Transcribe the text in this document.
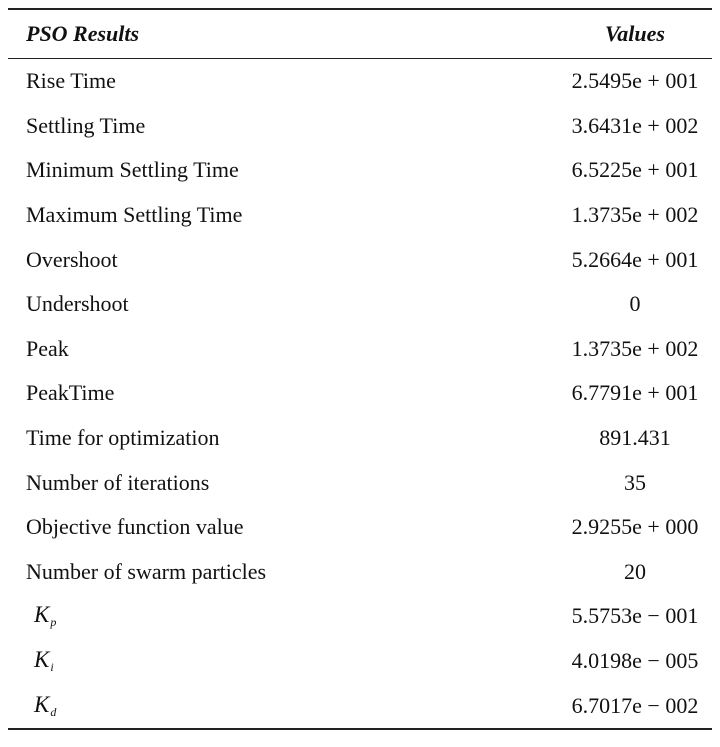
PSO Results	Values
Rise Time	2.5495e + 001
Settling Time	3.6431e + 002
Minimum Settling Time	6.5225e + 001
Maximum Settling Time	1.3735e + 002
Overshoot	5.2664e + 001
Undershoot	0
Peak	1.3735e + 002
PeakTime	6.7791e + 001
Time for optimization	891.431
Number of iterations	35
Objective function value	2.9255e + 000
Number of swarm particles	20
$K_p$	5.5753e − 001
$K_i$	4.0198e − 005
$K_d$	6.7017e − 002
